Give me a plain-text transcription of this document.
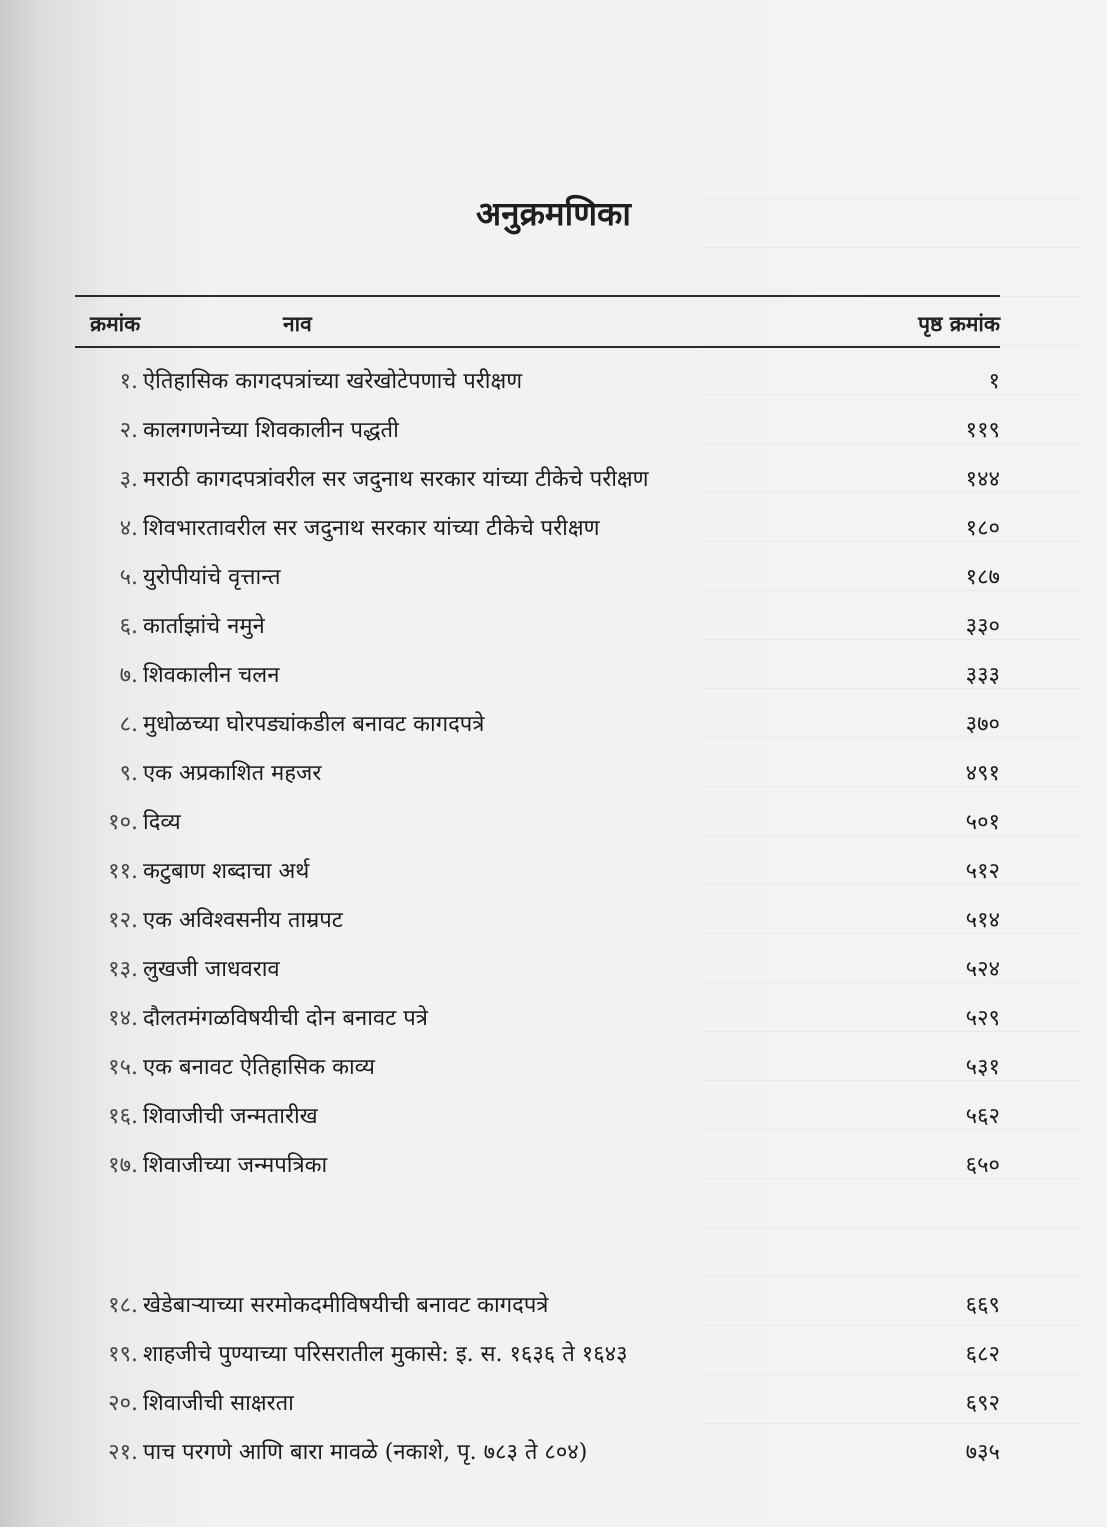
अनुक्रमणिका
क्रमांक	नाव	पृष्ठ क्रमांक
१. ऐतिहासिक कागदपत्रांच्या खरेखोटेपणाचे परीक्षण	१
२. कालगणनेच्या शिवकालीन पद्धती	११९
३. मराठी कागदपत्रांवरील सर जदुनाथ सरकार यांच्या टीकेचे परीक्षण	१४४
४. शिवभारतावरील सर जदुनाथ सरकार यांच्या टीकेचे परीक्षण	१८०
५. युरोपीयांचे वृत्तान्त	१८७
६. कार्ताझांचे नमुने	३३०
७. शिवकालीन चलन	३३३
८. मुधोळच्या घोरपड्यांकडील बनावट कागदपत्रे	३७०
९. एक अप्रकाशित महजर	४९१
१०. दिव्य	५०१
११. कटुबाण शब्दाचा अर्थ	५१२
१२. एक अविश्वसनीय ताम्रपट	५१४
१३. लुखजी जाधवराव	५२४
१४. दौलतमंगळविषयीची दोन बनावट पत्रे	५२९
१५. एक बनावट ऐतिहासिक काव्य	५३१
१६. शिवाजीची जन्मतारीख	५६२
१७. शिवाजीच्या जन्मपत्रिका	६५०
१८. खेडेबाऱ्याच्या सरमोकदमीविषयीची बनावट कागदपत्रे	६६९
१९. शाहजीचे पुण्याच्या परिसरातील मुकासे: इ. स. १६३६ ते १६४३	६८२
२०. शिवाजीची साक्षरता	६९२
२१. पाच परगणे आणि बारा मावळे (नकाशे, पृ. ७८३ ते ८०४)	७३५
